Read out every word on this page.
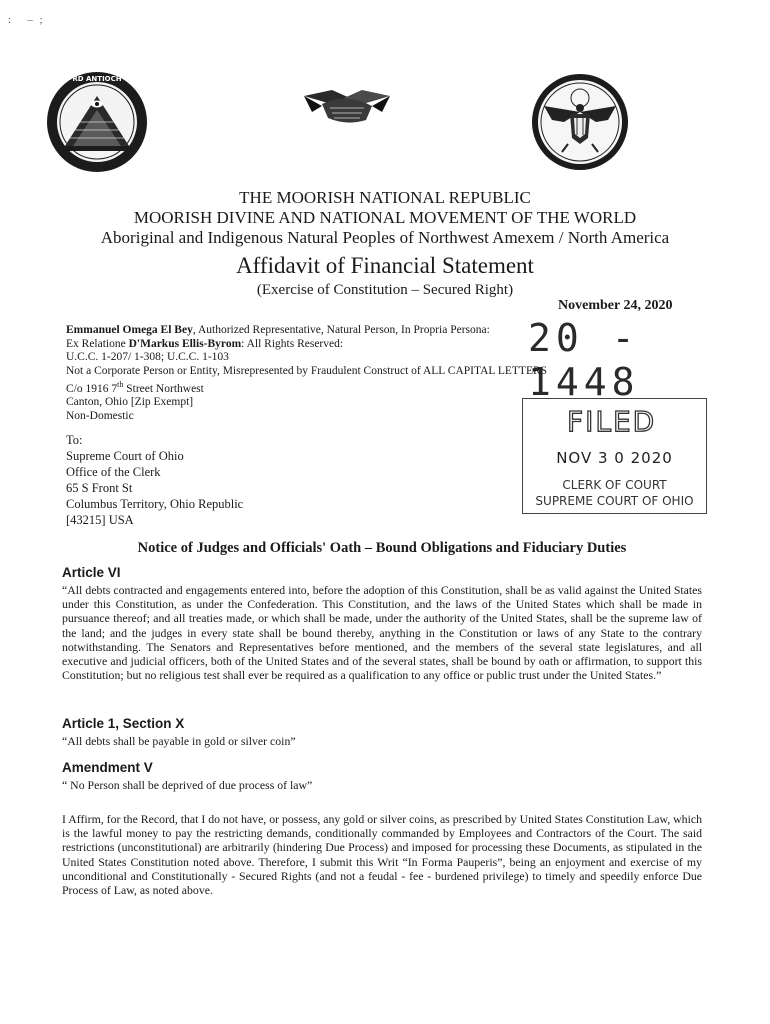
:   – ;
RD ANTIOCH
THE MOORISH NATIONAL REPUBLIC
MOORISH DIVINE AND NATIONAL MOVEMENT OF THE WORLD
Aboriginal and Indigenous Natural Peoples of Northwest Amexem / North America
Affidavit of Financial Statement
(Exercise of Constitution – Secured Right)
November 24, 2020
20 - 1448
Emmanuel Omega El Bey, Authorized Representative, Natural Person, In Propria Persona:
Ex Relatione D'Markus Ellis-Byrom: All Rights Reserved:
U.C.C. 1-207/ 1-308; U.C.C. 1-103
Not a Corporate Person or Entity, Misrepresented by Fraudulent Construct of ALL CAPITAL LETTERS
C/o 1916 7th Street Northwest
Canton, Ohio [Zip Exempt]
Non-Domestic
To:
Supreme Court of Ohio
Office of the Clerk
65 S Front St
Columbus Territory, Ohio Republic
[43215] USA
FILED
NOV 3 0 2020
CLERK OF COURT
SUPREME COURT OF OHIO
Notice of Judges and Officials' Oath – Bound Obligations and Fiduciary Duties
Article VI
“All debts contracted and engagements entered into, before the adoption of this Constitution, shall be as valid against the United States under this Constitution, as under the Confederation. This Constitution, and the laws of the United States which shall be made in pursuance thereof; and all treaties made, or which shall be made, under the authority of the United States, shall be the supreme law of the land; and the judges in every state shall be bound thereby, anything in the Constitution or laws of any State to the contrary notwithstanding. The Senators and Representatives before mentioned, and the members of the several state legislatures, and all executive and judicial officers, both of the United States and of the several states, shall be bound by oath or affirmation, to support this Constitution; but no religious test shall ever be required as a qualification to any office or public trust under the United States.”
Article 1, Section X
“All debts shall be payable in gold or silver coin”
Amendment V
“ No Person shall be deprived of due process of law”
I Affirm, for the Record, that I do not have, or possess, any gold or silver coins, as prescribed by United States Constitution Law, which is the lawful money to pay the restricting demands, conditionally commanded by Employees and Contractors of the Court. The said restrictions (unconstitutional) are arbitrarily (hindering Due Process) and imposed for processing these Documents, as stipulated in the United States Constitution noted above. Therefore, I submit this Writ “In Forma Pauperis”, being an enjoyment and exercise of my unconditional and Constitutionally - Secured Rights (and not a feudal - fee - burdened privilege) to timely and speedily enforce Due Process of Law, as noted above.
